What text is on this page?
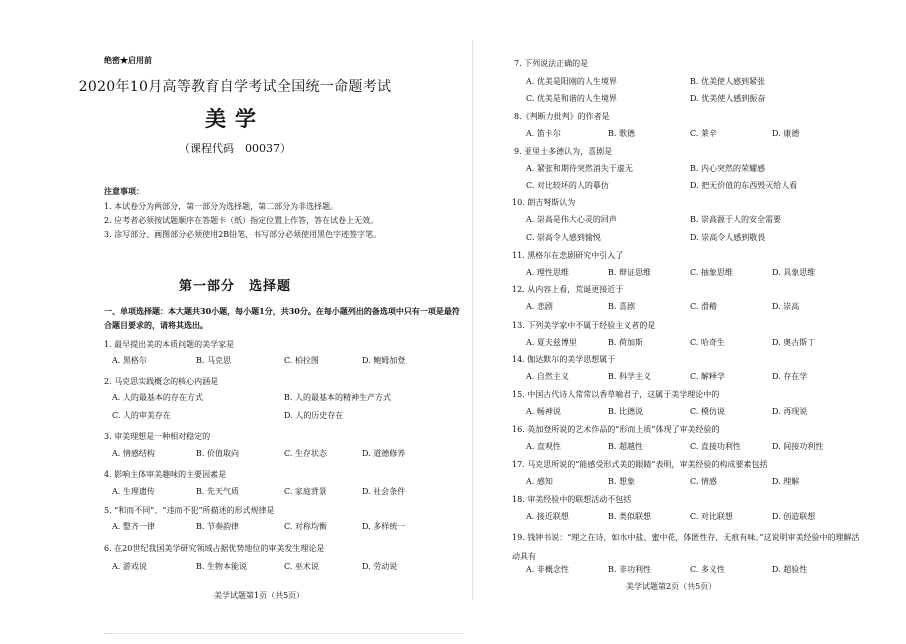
绝密★启用前
2020年10月高等教育自学考试全国统一命题考试
美学
（课程代码　00037）
注意事项：
1. 本试卷分为两部分，第一部分为选择题，第二部分为非选择题。
2. 应考者必须按试题顺序在答题卡（纸）指定位置上作答，答在试卷上无效。
3. 涂写部分、画图部分必须使用2B铅笔，书写部分必须使用黑色字迹签字笔。
第一部分　选择题
一、单项选择题：本大题共30小题，每小题1分，共30分。在每小题列出的备选项中只有一项是最符合题目要求的，请将其选出。
1. 最早提出美的本质问题的美学家是
A. 黑格尔	B. 马克思	C. 柏拉图	D. 鲍姆加登
2. 马克思实践概念的核心内涵是
A. 人的最基本的存在方式	B. 人的最基本的精神生产方式
C. 人的审美存在	D. 人的历史存在
3. 审美理想是一种相对稳定的
A. 情感结构	B. 价值取向	C. 生存状态	D. 道德修养
4. 影响主体审美趣味的主要因素是
A. 生理遗传	B. 先天气质	C. 家庭背景	D. 社会条件
5. “和而不同”、“违而不犯”所描述的形式规律是
A. 整齐一律	B. 节奏韵律	C. 对称均衡	D. 多样统一
6. 在20世纪我国美学研究领域占据优势地位的审美发生理论是
A. 游戏说	B. 生物本能说	C. 巫术说	D. 劳动说
美学试题第1页（共5页）
7. 下列说法正确的是
A. 优美是阳刚的人生境界	B. 优美使人感到紧张
C. 优美是和谐的人生境界	D. 优美使人感到振奋
8.《判断力批判》的作者是
A. 笛卡尔	B. 歌德	C. 莱辛	D. 康德
9. 亚里士多德认为，喜剧是
A. 紧张和期待突然消失于虚无	B. 内心突然的荣耀感
C. 对比较坏的人的摹仿	D. 把无价值的东西毁灭给人看
10. 朗吉弩斯认为
A. 崇高是伟大心灵的回声	B. 崇高源于人的安全需要
C. 崇高令人感到愉悦	D. 崇高令人感到敬畏
11. 黑格尔在悲剧研究中引入了
A. 理性思维	B. 辩证思维	C. 抽象思维	D. 具象思维
12. 从内容上看，荒诞更接近于
A. 悲剧	B. 喜剧	C. 滑稽	D. 崇高
13. 下列美学家中不属于经验主义者的是
A. 夏夫兹博里	B. 荷加斯	C. 哈奇生	D. 奥古斯丁
14. 伽达默尔的美学思想属于
A. 自然主义	B. 科学主义	C. 解释学	D. 存在学
15. 中国古代诗人常常以香草喻君子，这属于美学理论中的
A. 畅神说	B. 比德说	C. 模仿说	D. 再现说
16. 英加登所说的艺术作品的“形而上质”体现了审美经验的
A. 直观性	B. 超越性	C. 直接功利性	D. 间接功利性
17. 马克思所说的“能感受形式美的眼睛”表明，审美经验的构成要素包括
A. 感知	B. 想象	C. 情感	D. 理解
18. 审美经验中的联想活动不包括
A. 接近联想	B. 类似联想	C. 对比联想	D. 创造联想
19. 钱钟书说：“理之在诗，如水中盐、蜜中花，体匿性存，无痕有味。”这说明审美经验中的理解活动具有
A. 非概念性	B. 非功利性	C. 多义性	D. 超验性
美学试题第2页（共5页）
